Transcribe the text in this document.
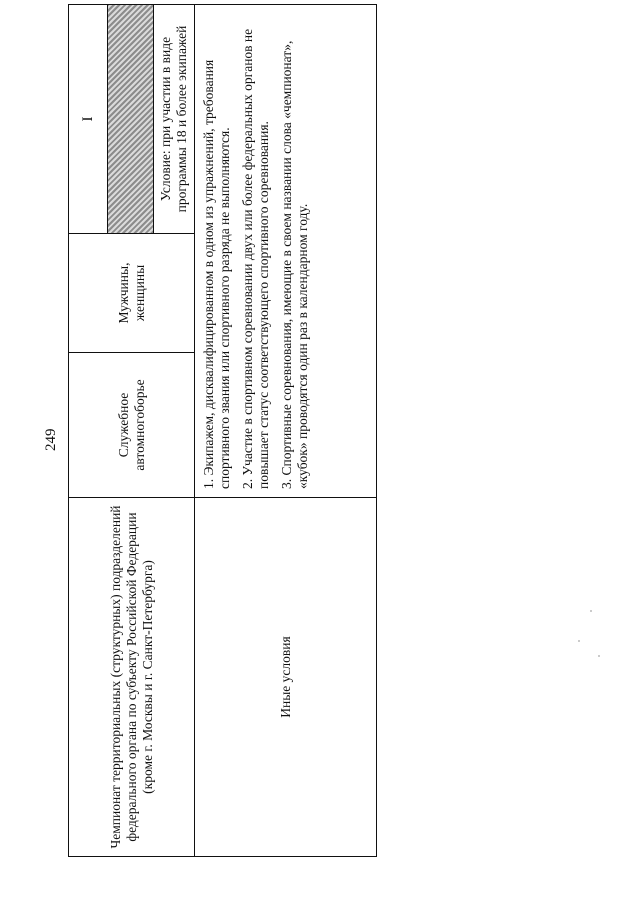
249
Чемпионат территориальных (структурных) подразделений федерального органа по субъекту Российской Федерации (кроме г. Москвы и г. Санкт-Петербурга)	Служебное автомногоборье	Мужчины, женщины	I Условие: при участии в виде программы 18 и более экипажей

Иные условия	1. Экипажем, дисквалифицированном в одном из упражнений, требования спортивного звания или спортивного разряда не выполняются. 2. Участие в спортивном соревновании двух или более федеральных органов не повышает статус соответствующего спортивного соревнования. 3. Спортивные соревнования, имеющие в своем названии слова «чемпионат», «кубок» проводятся один раз в календарном году.		
